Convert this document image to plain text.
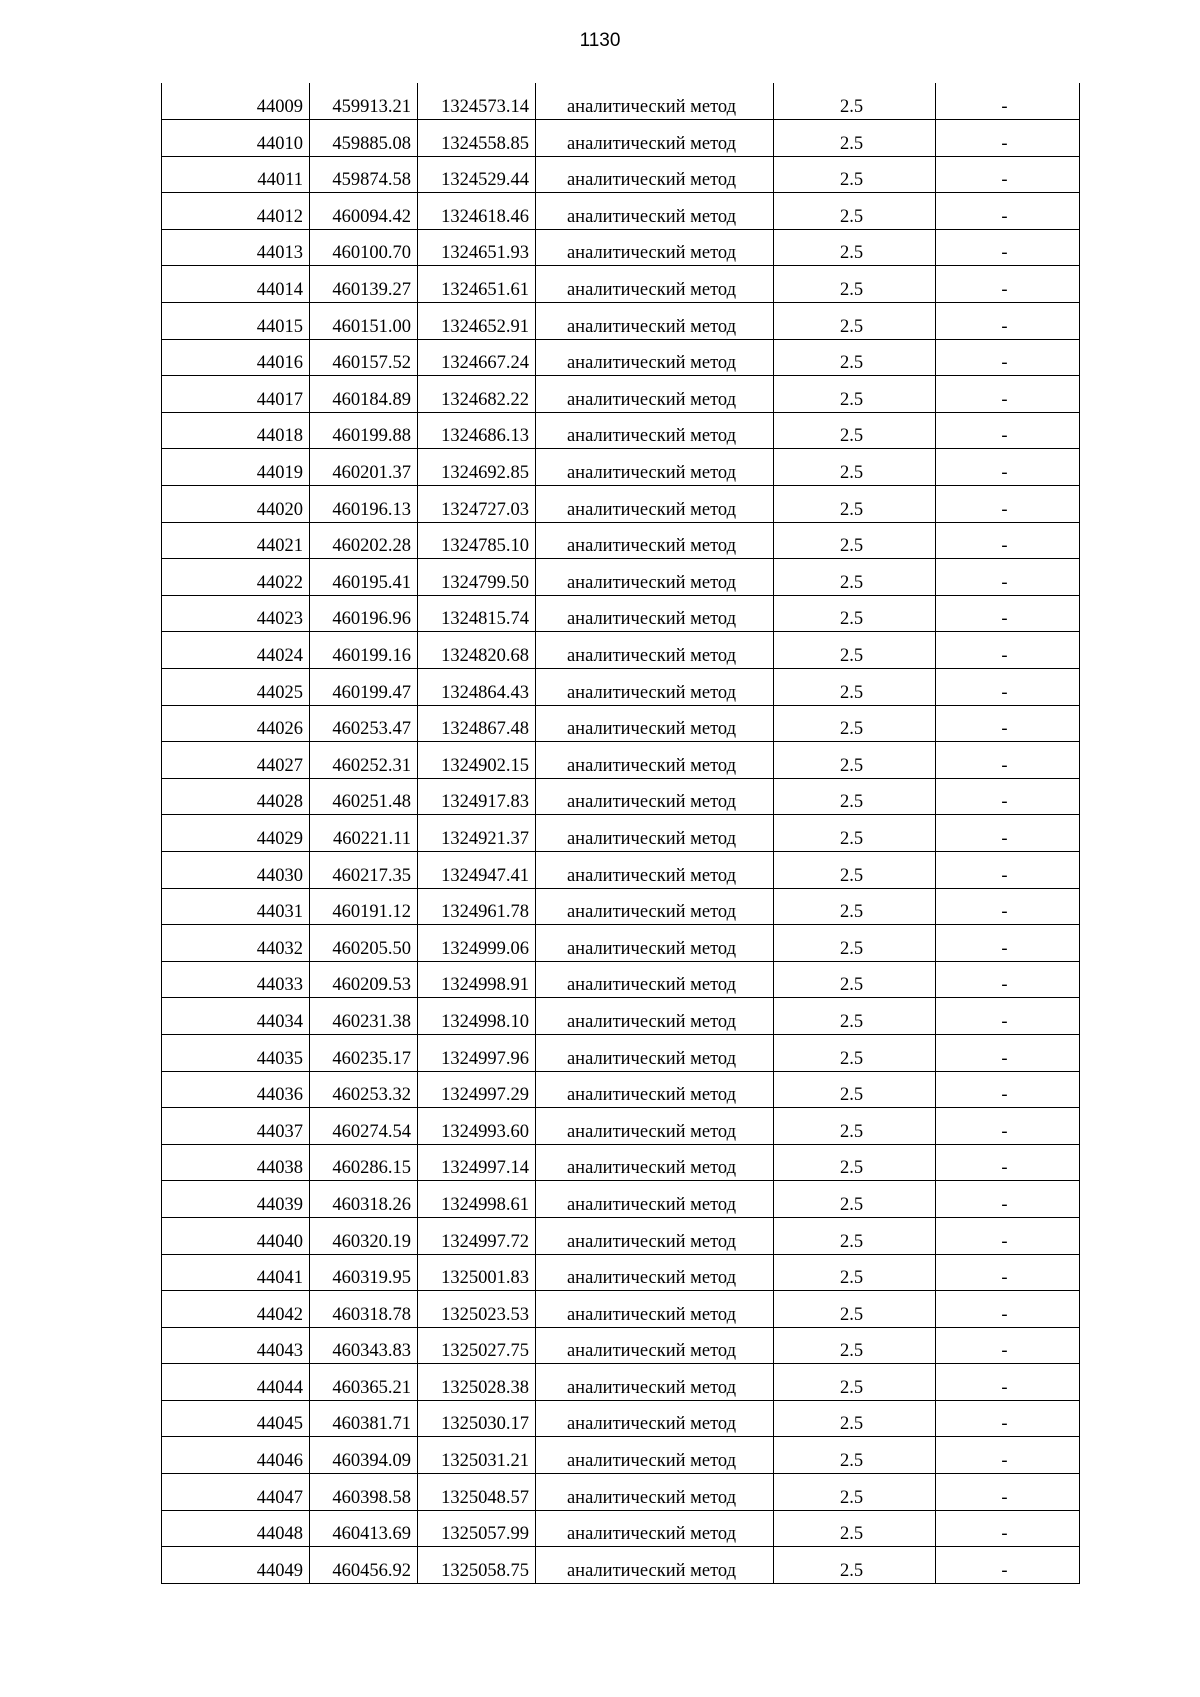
1130
44009	459913.21	1324573.14	аналитический метод	2.5	-
44010	459885.08	1324558.85	аналитический метод	2.5	-
44011	459874.58	1324529.44	аналитический метод	2.5	-
44012	460094.42	1324618.46	аналитический метод	2.5	-
44013	460100.70	1324651.93	аналитический метод	2.5	-
44014	460139.27	1324651.61	аналитический метод	2.5	-
44015	460151.00	1324652.91	аналитический метод	2.5	-
44016	460157.52	1324667.24	аналитический метод	2.5	-
44017	460184.89	1324682.22	аналитический метод	2.5	-
44018	460199.88	1324686.13	аналитический метод	2.5	-
44019	460201.37	1324692.85	аналитический метод	2.5	-
44020	460196.13	1324727.03	аналитический метод	2.5	-
44021	460202.28	1324785.10	аналитический метод	2.5	-
44022	460195.41	1324799.50	аналитический метод	2.5	-
44023	460196.96	1324815.74	аналитический метод	2.5	-
44024	460199.16	1324820.68	аналитический метод	2.5	-
44025	460199.47	1324864.43	аналитический метод	2.5	-
44026	460253.47	1324867.48	аналитический метод	2.5	-
44027	460252.31	1324902.15	аналитический метод	2.5	-
44028	460251.48	1324917.83	аналитический метод	2.5	-
44029	460221.11	1324921.37	аналитический метод	2.5	-
44030	460217.35	1324947.41	аналитический метод	2.5	-
44031	460191.12	1324961.78	аналитический метод	2.5	-
44032	460205.50	1324999.06	аналитический метод	2.5	-
44033	460209.53	1324998.91	аналитический метод	2.5	-
44034	460231.38	1324998.10	аналитический метод	2.5	-
44035	460235.17	1324997.96	аналитический метод	2.5	-
44036	460253.32	1324997.29	аналитический метод	2.5	-
44037	460274.54	1324993.60	аналитический метод	2.5	-
44038	460286.15	1324997.14	аналитический метод	2.5	-
44039	460318.26	1324998.61	аналитический метод	2.5	-
44040	460320.19	1324997.72	аналитический метод	2.5	-
44041	460319.95	1325001.83	аналитический метод	2.5	-
44042	460318.78	1325023.53	аналитический метод	2.5	-
44043	460343.83	1325027.75	аналитический метод	2.5	-
44044	460365.21	1325028.38	аналитический метод	2.5	-
44045	460381.71	1325030.17	аналитический метод	2.5	-
44046	460394.09	1325031.21	аналитический метод	2.5	-
44047	460398.58	1325048.57	аналитический метод	2.5	-
44048	460413.69	1325057.99	аналитический метод	2.5	-
44049	460456.92	1325058.75	аналитический метод	2.5	-
